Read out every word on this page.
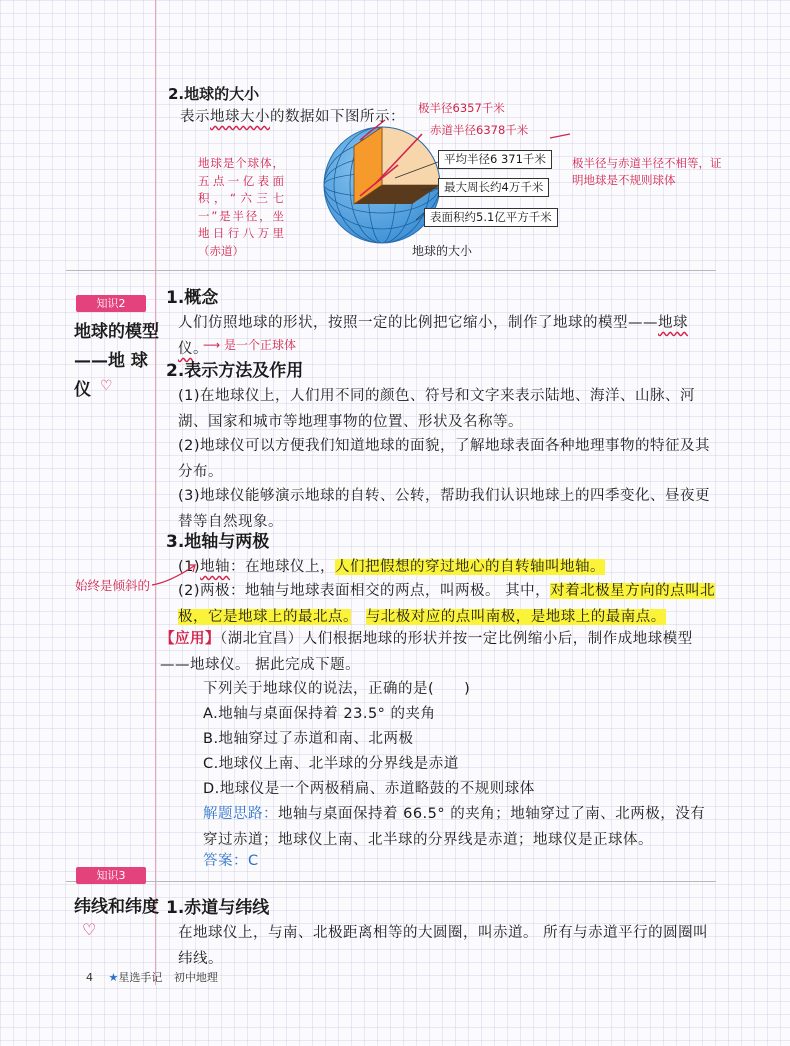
2.地球的大小
表示地球大小的数据如下图所示：
地球是个球体，五点一亿表面积，“六三七一”是半径，坐地日行八万里（赤道）
极半径与赤道半径不相等，证明地球是不规则球体
极半径6357千米
赤道半径6378千米
平均半径6 371千米
最大周长约4万千米
表面积约5.1亿平方千米
地球的大小
知识2
地球的模型
——地 球
仪 ♡
1.概念
人们仿照地球的形状，按照一定的比例把它缩小，制作了地球的模型——地球
仪。
⟶ 是一个正球体
2.表示方法及作用
(1)在地球仪上，人们用不同的颜色、符号和文字来表示陆地、海洋、山脉、河湖、国家和城市等地理事物的位置、形状及名称等。
(2)地球仪可以方便我们知道地球的面貌，了解地球表面各种地理事物的特征及其分布。
(3)地球仪能够演示地球的自转、公转，帮助我们认识地球上的四季变化、昼夜更替等自然现象。
3.地轴与两极
(1)地轴：在地球仪上，人们把假想的穿过地心的自转轴叫地轴。
始终是倾斜的 (2)两极：地轴与地球表面相交的两点，叫两极。 其中，对着北极星方向的点叫北极，它是地球上的最北点。　 与北极对应的点叫南极，是地球上的最南点。
【应用】（湖北宜昌）人们根据地球的形状并按一定比例缩小后，制作成地球模型——地球仪。 据此完成下题。
下列关于地球仪的说法，正确的是(　　)
A.地轴与桌面保持着 23.5° 的夹角
B.地轴穿过了赤道和南、北两极
C.地球仪上南、北半球的分界线是赤道
D.地球仪是一个两极稍扁、赤道略鼓的不规则球体
解题思路：地轴与桌面保持着 66.5° 的夹角；地轴穿过了南、北两极，没有穿过赤道；地球仪上南、北半球的分界线是赤道；地球仪是正球体。
答案：C
知识3
纬线和纬度
♡
1.赤道与纬线
在地球仪上，与南、北极距离相等的大圆圈，叫赤道。 所有与赤道平行的圆圈叫纬线。
4 ★星选手记 初中地理
